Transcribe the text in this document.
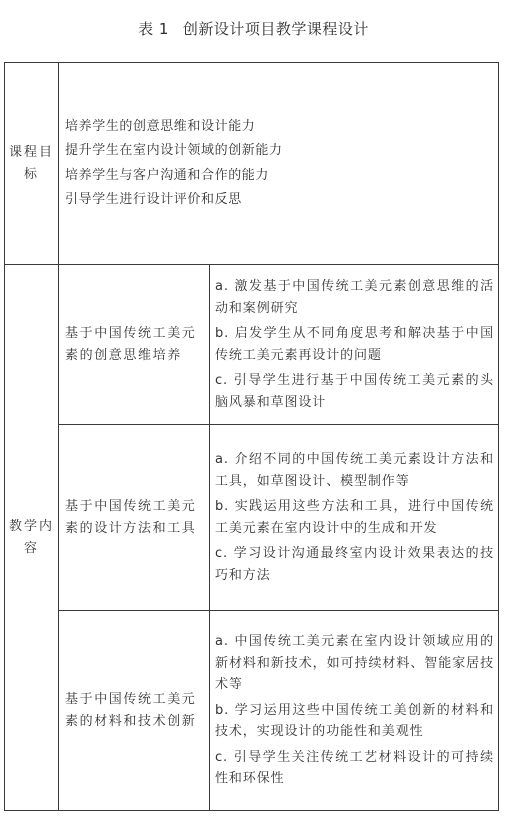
表 1 创新设计项目教学课程设计
课程目标	培养学生的创意思维和设计能力
提升学生在室内设计领域的创新能力
培养学生与客户沟通和合作的能力
引导学生进行设计评价和反思	

教学内容	基于中国传统工美元素的创意思维培养	a. 激发基于中国传统工美元素创意思维的活动和案例研究
b. 启发学生从不同角度思考和解决基于中国传统工美元素再设计的问题
c. 引导学生进行基于中国传统工美元素的头脑风暴和草图设计

	基于中国传统工美元素的设计方法和工具	a. 介绍不同的中国传统工美元素设计方法和工具，如草图设计、模型制作等
b. 实践运用这些方法和工具，进行中国传统工美元素在室内设计中的生成和开发
c. 学习设计沟通最终室内设计效果表达的技巧和方法

	基于中国传统工美元素的材料和技术创新	a. 中国传统工美元素在室内设计领域应用的新材料和新技术，如可持续材料、智能家居技术等
b. 学习运用这些中国传统工美创新的材料和技术，实现设计的功能性和美观性
c. 引导学生关注传统工艺材料设计的可持续性和环保性
